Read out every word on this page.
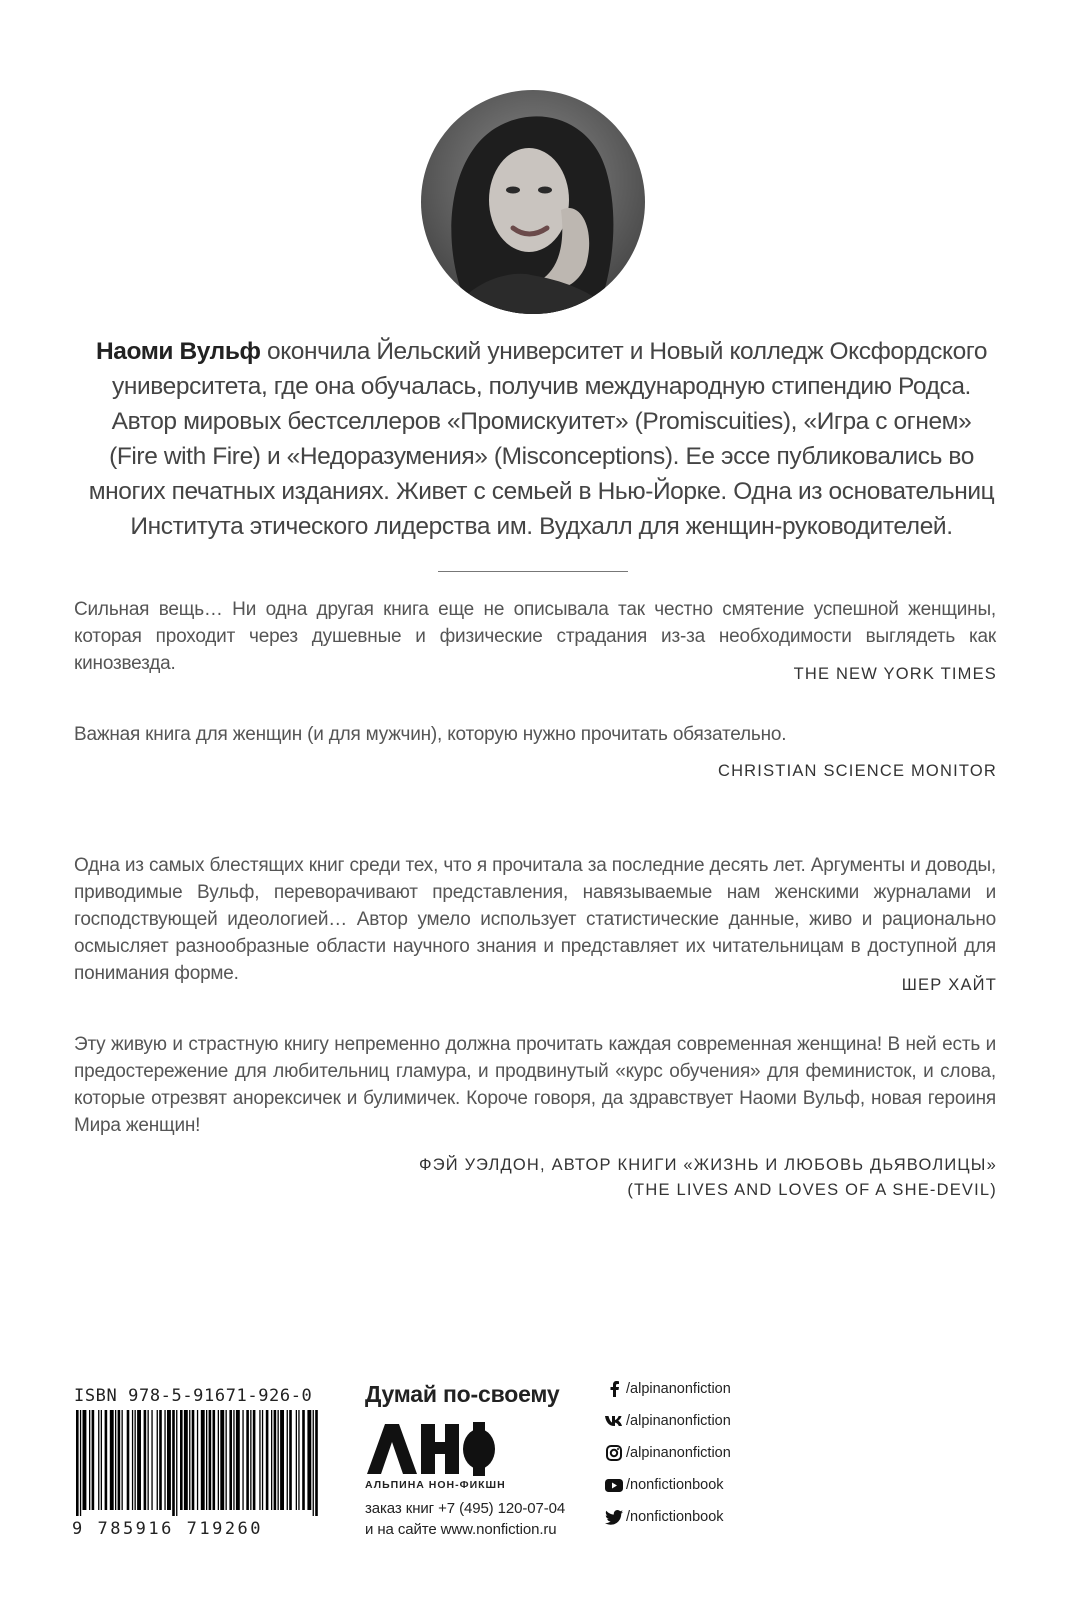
Наоми Вульф окончила Йельский университет и Новый колледж Оксфордского университета, где она обучалась, получив международную стипендию Родса. Автор мировых бестселлеров «Промискуитет» (Promiscuities), «Игра с огнем» (Fire with Fire) и «Недоразумения» (Misconceptions). Ее эссе публиковались во многих печатных изданиях. Живет с семьей в Нью-Йорке. Одна из основательниц Института этического лидерства им. Вудхалл для женщин-руководителей.
Сильная вещь… Ни одна другая книга еще не описывала так честно смятение успешной женщины, которая проходит через душевные и физические страдания из-за необходимости выглядеть как кинозвезда.	THE NEW YORK TIMES
Важная книга для женщин (и для мужчин), которую нужно прочитать обязательно.
CHRISTIAN SCIENCE MONITOR
Одна из самых блестящих книг среди тех, что я прочитала за последние десять лет. Аргументы и доводы, приводимые Вульф, переворачивают представления, навязываемые нам женскими журналами и господствующей идеологией… Автор умело использует статистические данные, живо и рационально осмысляет разнообразные области научного знания и представляет их читательницам в доступной для понимания форме.
ШЕР ХАЙТ
Эту живую и страстную книгу непременно должна прочитать каждая современная женщина! В ней есть и предостережение для любительниц гламура, и продвинутый «курс обучения» для феминисток, и слова, которые отрезвят анорексичек и булимичек. Короче говоря, да здравствует Наоми Вульф, новая героиня Мира женщин!
ФЭЙ УЭЛДОН, АВТОР КНИГИ «ЖИЗНЬ И ЛЮБОВЬ ДЬЯВОЛИЦЫ»
(THE LIVES AND LOVES OF A SHE-DEVIL)
ISBN 978-5-91671-926-0
9 785916 719260
Думай по-своему
АЛЬПИНА НОН-ФИКШН
заказ книг +7 (495) 120-07-04
и на сайте www.nonfiction.ru
/alpinanonfiction
/alpinanonfiction
/alpinanonfiction
/nonfictionbook
/nonfictionbook
